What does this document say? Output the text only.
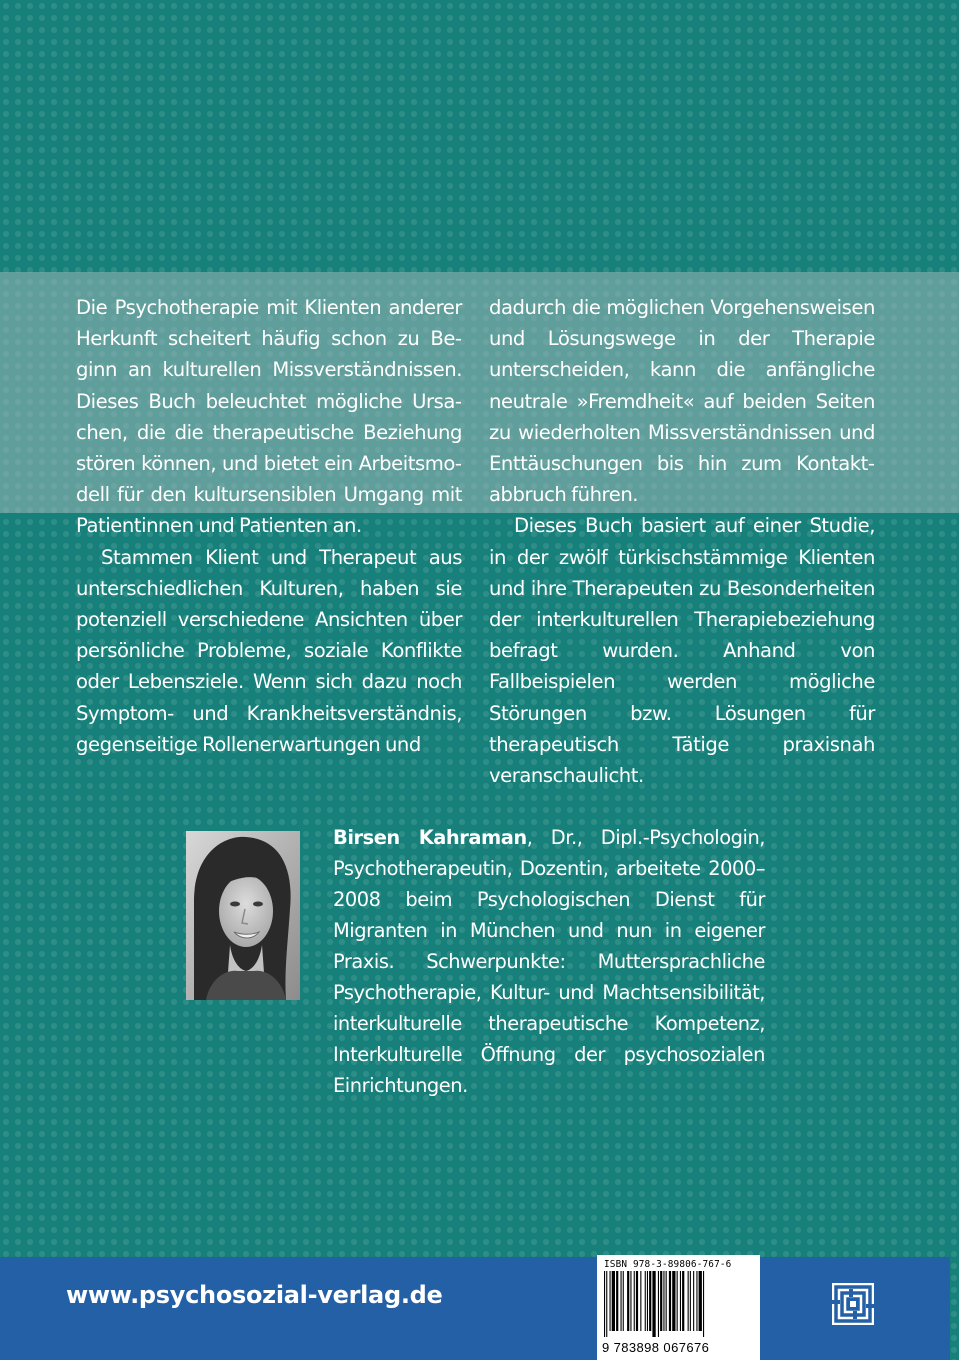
Die Psychotherapie mit Klienten anderer Herkunft scheitert häufig schon zu Beginn an kulturellen Missverständnissen. Dieses Buch beleuchtet mögliche Ursachen, die die therapeutische Beziehung stören können, und bietet ein Arbeitsmodell für den kultursensiblen Umgang mit Patientinnen und Patienten an.

Stammen Klient und Therapeut aus unterschiedlichen Kulturen, haben sie potenziell verschiedene Ansichten über persönliche Probleme, soziale Konflikte oder Lebensziele. Wenn sich dazu noch Symptom- und Krankheitsverständnis, gegenseitige Rollenerwartungen und

dadurch die möglichen Vorgehensweisen und Lösungswege in der Therapie unterscheiden, kann die anfängliche neutrale »Fremdheit« auf beiden Seiten zu wiederholten Missverständnissen und Enttäuschungen bis hin zum Kontaktabbruch führen.

Dieses Buch basiert auf einer Studie, in der zwölf türkischstämmige Klienten und ihre Therapeuten zu Besonderheiten der interkulturellen Therapiebeziehung befragt wurden. Anhand von Fallbeispielen werden mögliche Störungen bzw. Lösungen für therapeutisch Tätige praxisnah veranschaulicht.

Birsen Kahraman, Dr., Dipl.-Psychologin, Psychotherapeutin, Dozentin, arbeitete 2000–2008 beim Psychologischen Dienst für Migranten in München und nun in eigener Praxis. Schwerpunkte: Muttersprachliche Psychotherapie, Kultur- und Machtsensibilität, interkulturelle therapeutische Kompetenz, Interkulturelle Öffnung der psychosozialen Einrichtungen.

www.psychosozial-verlag.de
ISBN 978-3-89806-767-6
9 783898 067676
